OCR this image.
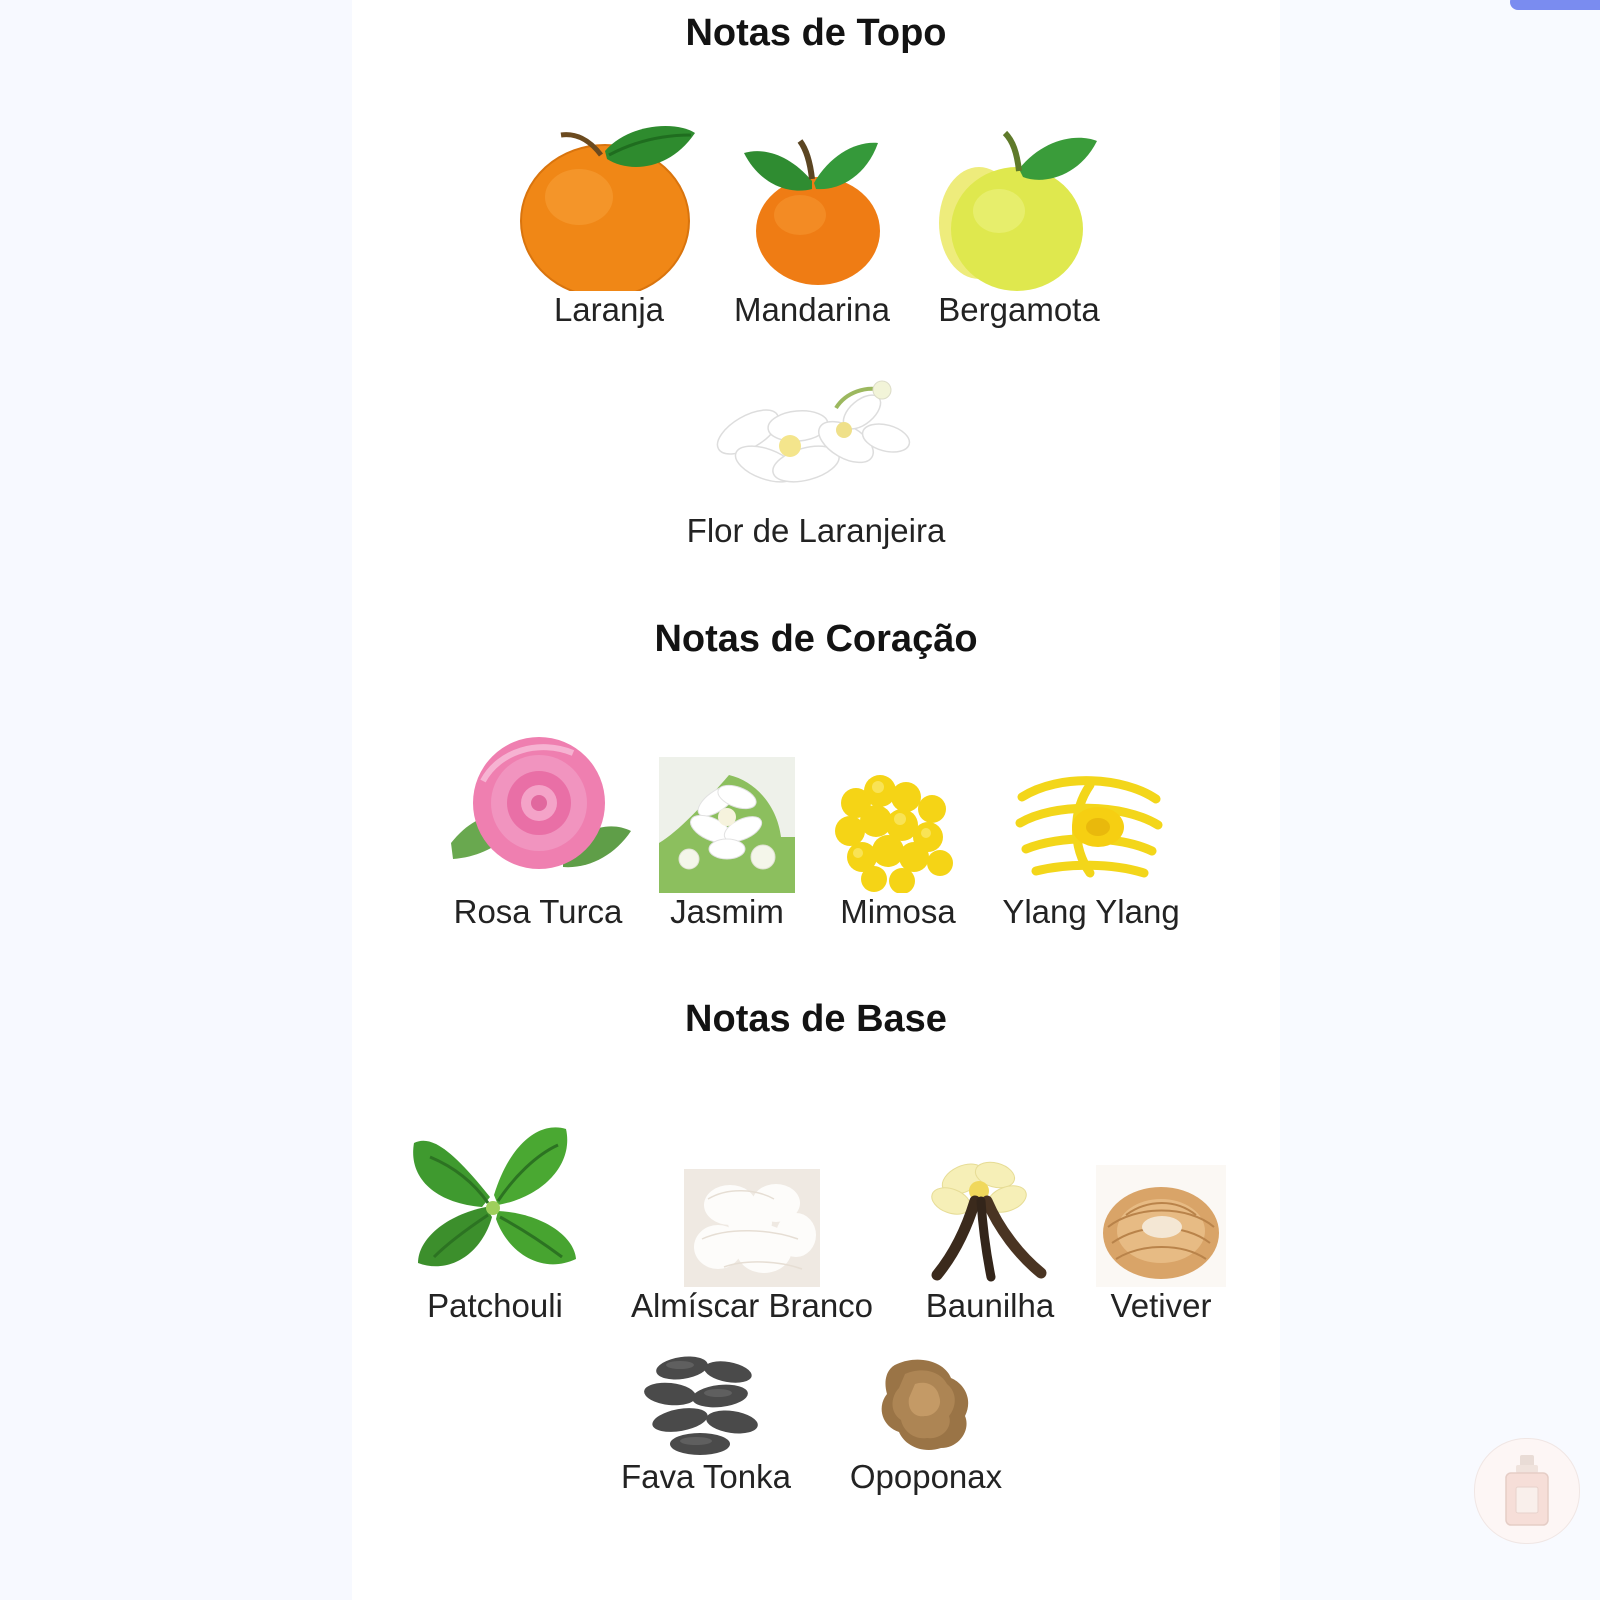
Notas de Topo
Laranja Mandarina Bergamota
Flor de Laranjeira
Notas de Coração
Rosa Turca Jasmim Mimosa Ylang Ylang
Notas de Base
Patchouli Almíscar Branco Baunilha Vetiver
Fava Tonka Opoponax
